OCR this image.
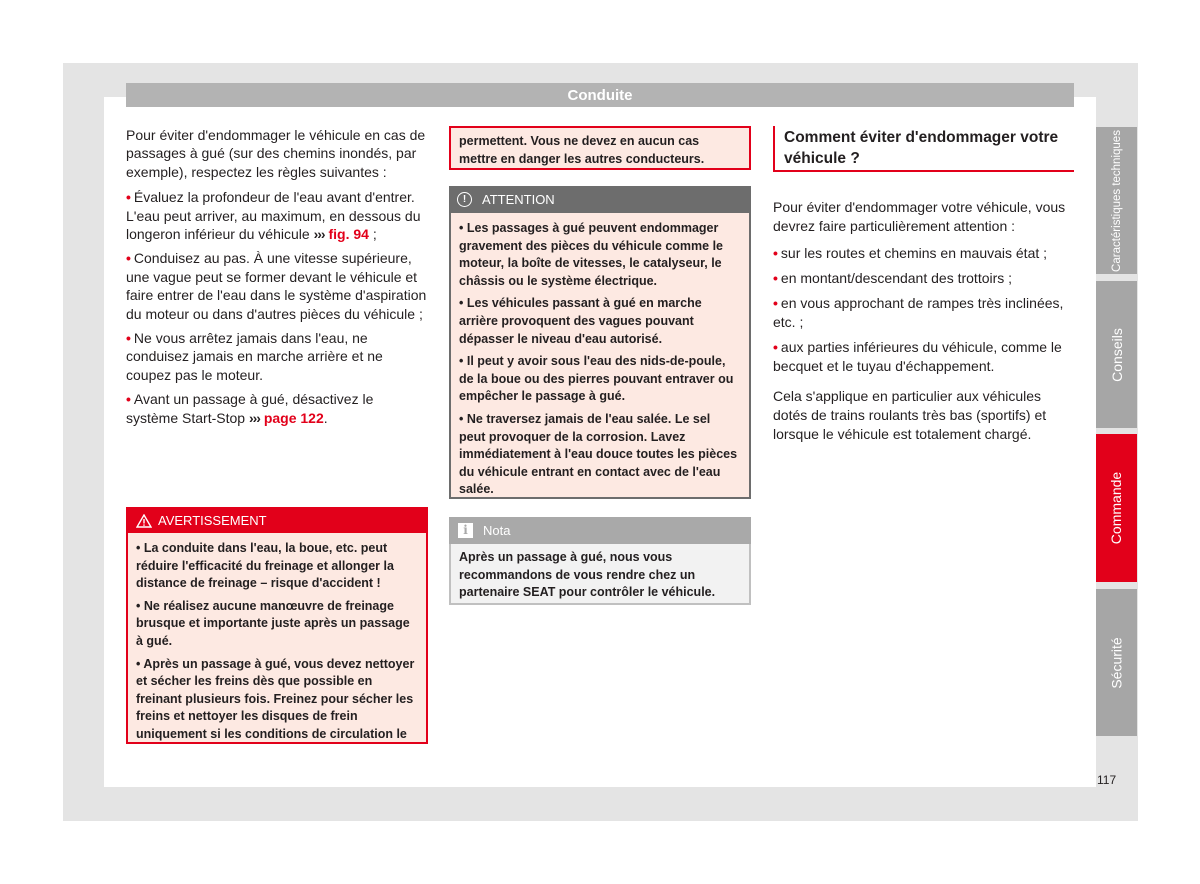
Conduite

Pour éviter d'endommager le véhicule en cas de passages à gué (sur des chemins inondés, par exemple), respectez les règles suivantes :

• Évaluez la profondeur de l'eau avant d'entrer. L'eau peut arriver, au maximum, en dessous du longeron inférieur du véhicule ››› fig. 94 ;

• Conduisez au pas. À une vitesse supérieure, une vague peut se former devant le véhicule et faire entrer de l'eau dans le système d'aspiration du moteur ou dans d'autres pièces du véhicule ;

• Ne vous arrêtez jamais dans l'eau, ne conduisez jamais en marche arrière et ne coupez pas le moteur.

• Avant un passage à gué, désactivez le système Start-Stop ››› page 122.

AVERTISSEMENT

• La conduite dans l'eau, la boue, etc. peut réduire l'efficacité du freinage et allonger la distance de freinage – risque d'accident !

• Ne réalisez aucune manœuvre de freinage brusque et importante juste après un passage à gué.

• Après un passage à gué, vous devez nettoyer et sécher les freins dès que possible en freinant plusieurs fois. Freinez pour sécher les freins et nettoyer les disques de frein uniquement si les conditions de circulation le

permettent. Vous ne devez en aucun cas mettre en danger les autres conducteurs.
!	ATTENTION

• Les passages à gué peuvent endommager gravement des pièces du véhicule comme le moteur, la boîte de vitesses, le catalyseur, le châssis ou le système électrique.

• Les véhicules passant à gué en marche arrière provoquent des vagues pouvant dépasser le niveau d'eau autorisé.

• Il peut y avoir sous l'eau des nids-de-poule, de la boue ou des pierres pouvant entraver ou empêcher le passage à gué.

• Ne traversez jamais de l'eau salée. Le sel peut provoquer de la corrosion. Lavez immédiatement à l'eau douce toutes les pièces du véhicule entrant en contact avec de l'eau salée.

i	Nota
Après un passage à gué, nous vous recommandons de vous rendre chez un partenaire SEAT pour contrôler le véhicule.
Comment éviter d'endommager votre véhicule ?

Pour éviter d'endommager votre véhicule, vous devrez faire particulièrement attention :

• sur les routes et chemins en mauvais état ;
• en montant/descendant des trottoirs ;
• en vous approchant de rampes très inclinées, etc. ;
• aux parties inférieures du véhicule, comme le becquet et le tuyau d'échappement.

Cela s'applique en particulier aux véhicules dotés de trains roulants très bas (sportifs) et lorsque le véhicule est totalement chargé.

Caractéristiques techniques
Conseils
Commande
Sécurité
117
